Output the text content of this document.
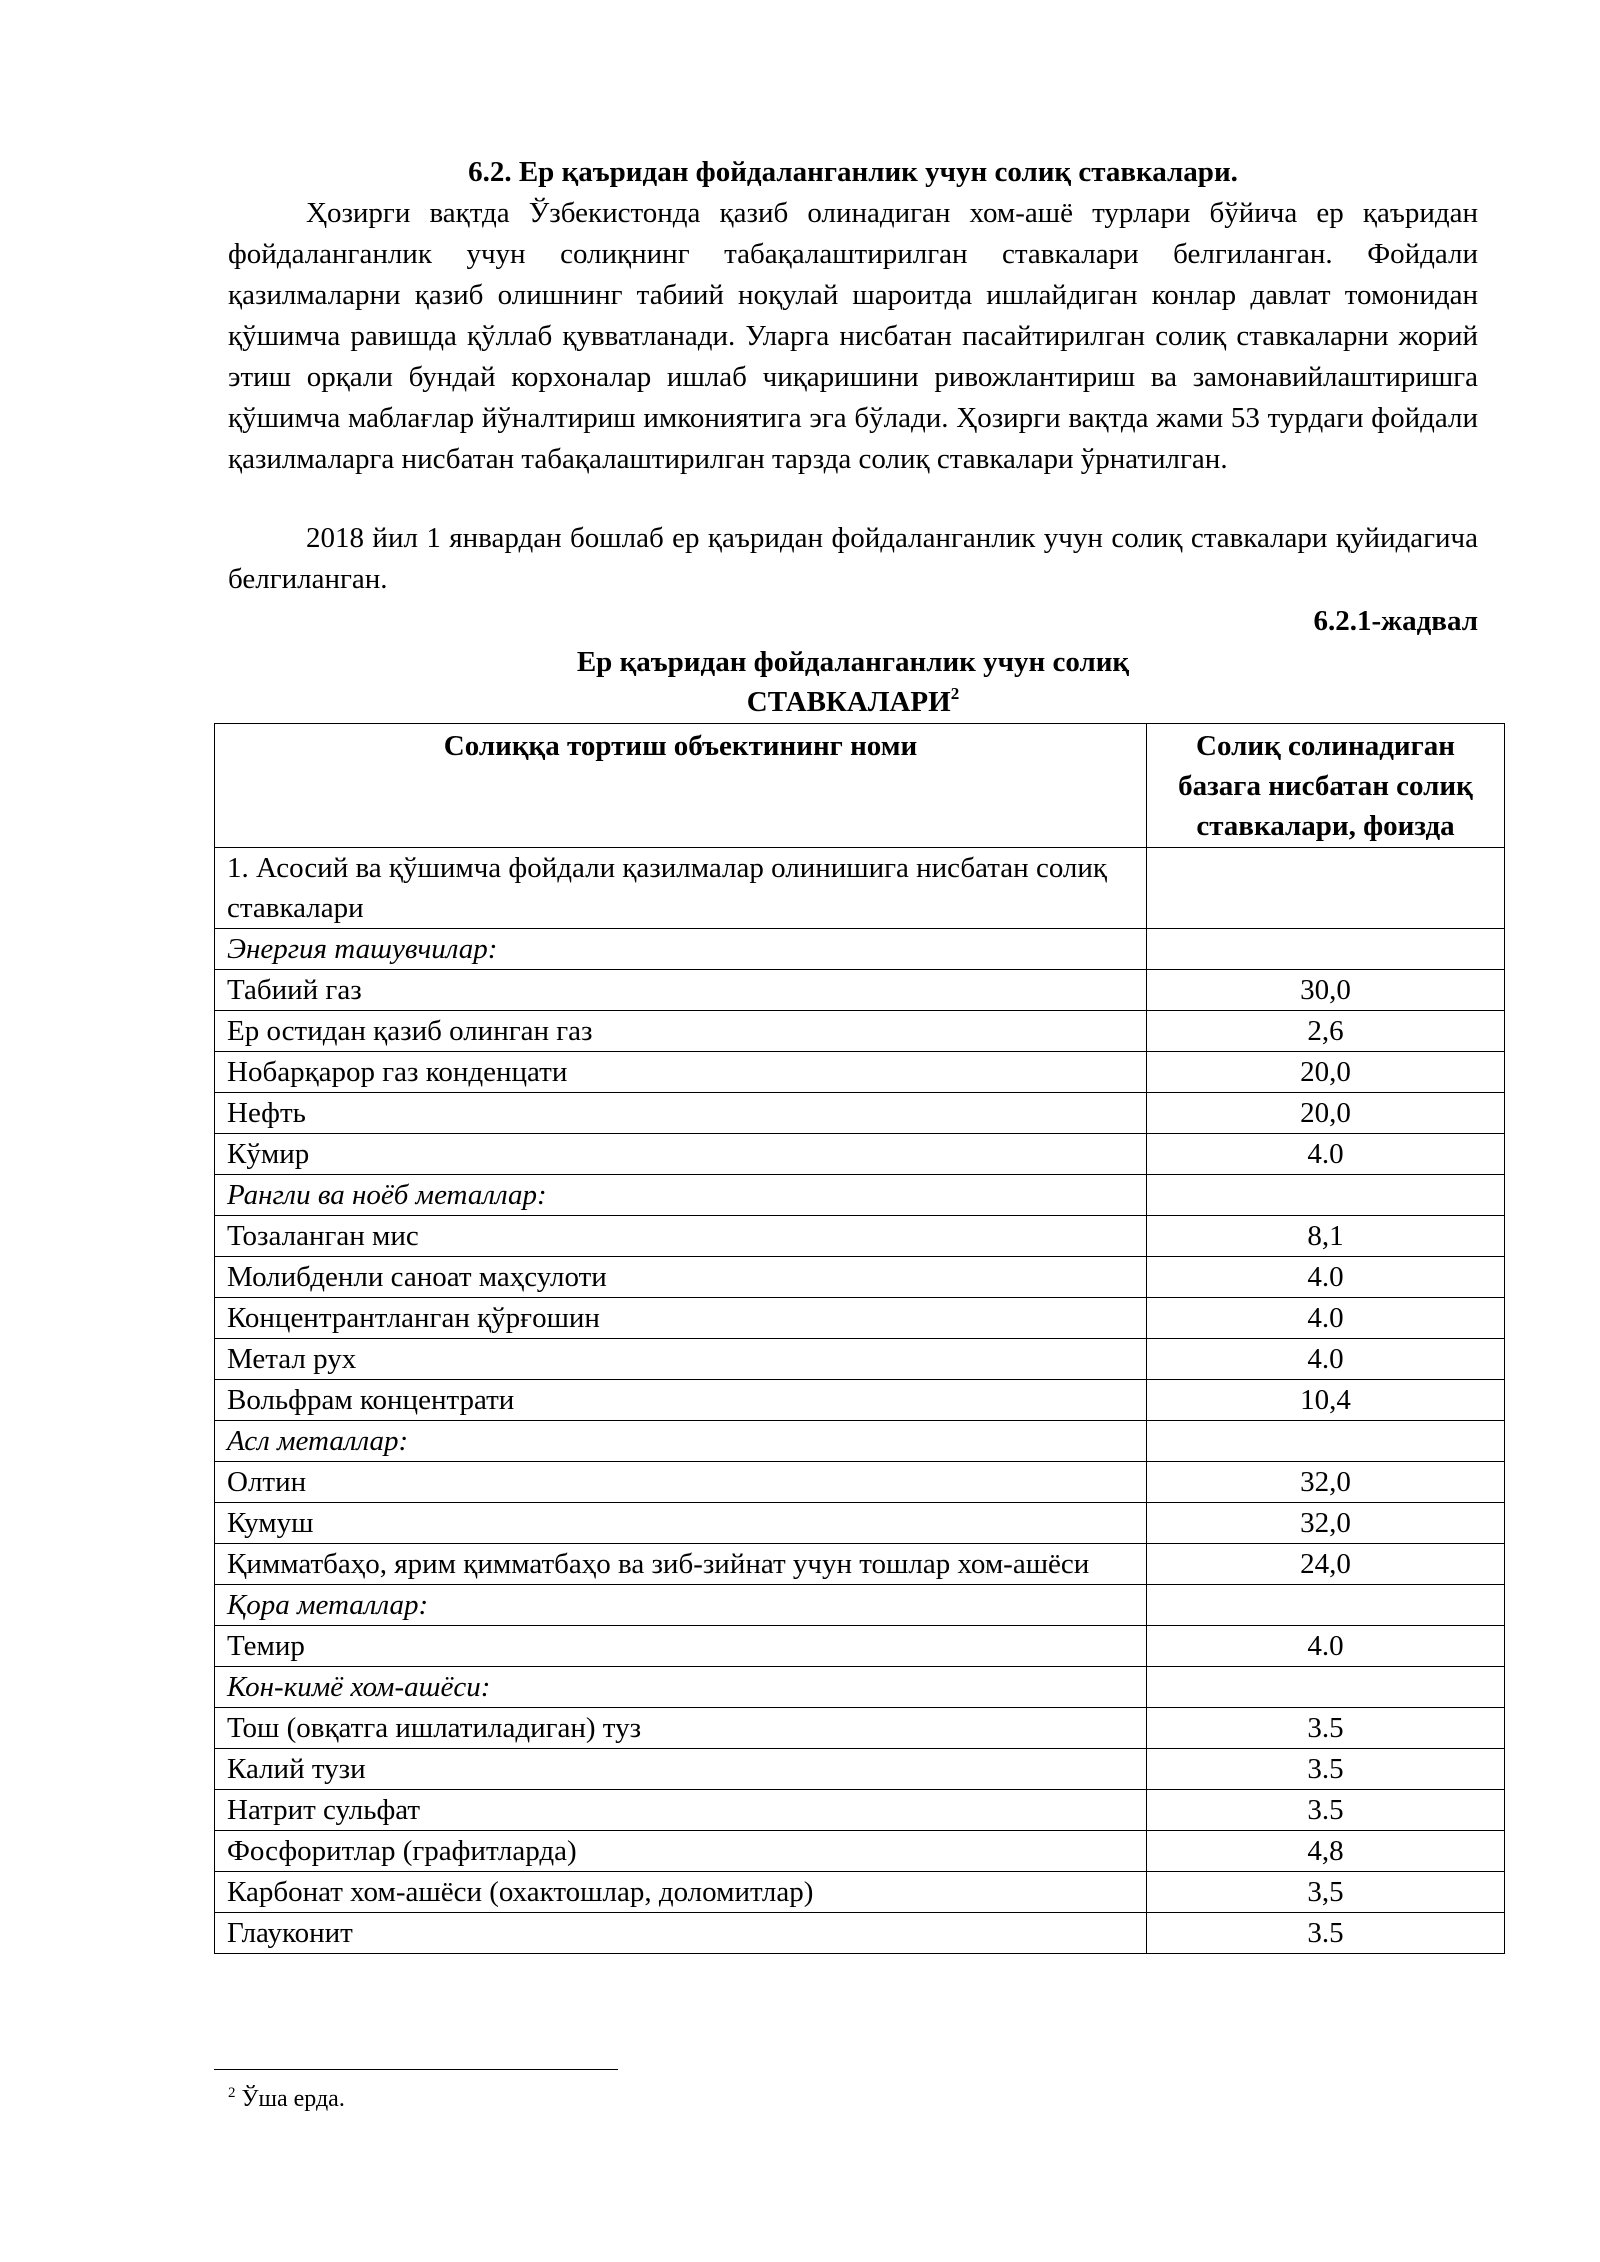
6.2. Ер қаъридан фойдаланганлик учун солиқ ставкалари.
Ҳозирги вақтда Ўзбекистонда қазиб олинадиган хом-ашё турлари бўйича ер қаъридан фойдаланганлик учун солиқнинг табақалаштирилган ставкалари белгиланган. Фойдали қазилмаларни қазиб олишнинг табиий ноқулай шароитда ишлайдиган конлар давлат томонидан қўшимча равишда қўллаб қувватланади. Уларга нисбатан пасайтирилган солиқ ставкаларни жорий этиш орқали бундай корхоналар ишлаб чиқаришини ривожлантириш ва замонавийлаштиришга қўшимча маблағлар йўналтириш имкониятига эга бўлади. Ҳозирги вақтда жами 53 турдаги фойдали қазилмаларга нисбатан табақалаштирилган тарзда солиқ ставкалари ўрнатилган.
2018 йил 1 январдан бошлаб ер қаъридан фойдаланганлик учун солиқ ставкалари қуйидагича белгиланган.
6.2.1-жадвал
Ер қаъридан фойдаланганлик учун солиқ
СТАВКАЛАРИ$^2$
Солиққа тортиш объектининг номи	Солиқ солинадиган базага нисбатан солиқ ставкалари, фоизда
1. Асосий ва қўшимча фойдали қазилмалар олинишига нисбатан солиқ ставкалари	
Энергия ташувчилар:	
Табиий газ	30,0
Ер остидан қазиб олинган газ	2,6
Нобарқарор газ конденцати	20,0
Нефть	20,0
Кўмир	4.0
Рангли ва ноёб металлар:	
Тозаланган мис	8,1
Молибденли саноат маҳсулоти	4.0
Концентрантланган қўрғошин	4.0
Метал рух	4.0
Вольфрам концентрати	10,4
Асл металлар:	
Олтин	32,0
Кумуш	32,0
Қимматбаҳо, ярим қимматбаҳо ва зиб-зийнат учун тошлар хом-ашёси	24,0
Қора металлар:	
Темир	4.0
Кон-кимё хом-ашёси:	
Тош (овқатга ишлатиладиган) туз	3.5
Калий тузи	3.5
Натрит сульфат	3.5
Фосфоритлар (графитларда)	4,8
Карбонат хом-ашёси (охактошлар, доломитлар)	3,5
Глауконит	3.5
$^2$ Ўша ерда.
